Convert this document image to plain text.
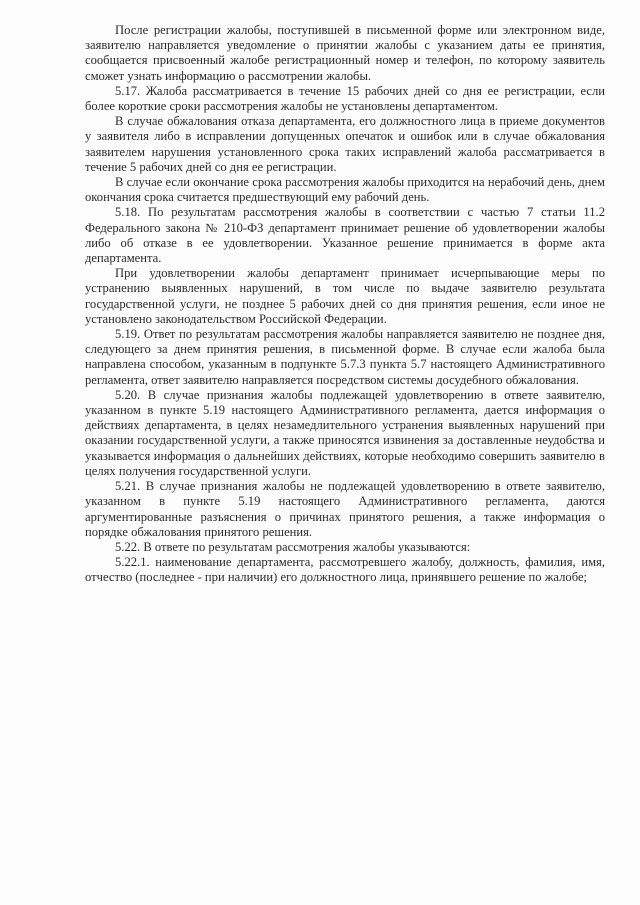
После регистрации жалобы, поступившей в письменной форме или электронном виде, заявителю направляется уведомление о принятии жалобы с указанием даты ее принятия, сообщается присвоенный жалобе регистрационный номер и телефон, по которому заявитель сможет узнать информацию о рассмотрении жалобы.

5.17. Жалоба рассматривается в течение 15 рабочих дней со дня ее регистрации, если более короткие сроки рассмотрения жалобы не установлены департаментом.

В случае обжалования отказа департамента, его должностного лица в приеме документов у заявителя либо в исправлении допущенных опечаток и ошибок или в случае обжалования заявителем нарушения установленного срока таких исправлений жалоба рассматривается в течение 5 рабочих дней со дня ее регистрации.

В случае если окончание срока рассмотрения жалобы приходится на нерабочий день, днем окончания срока считается предшествующий ему рабочий день.

5.18. По результатам рассмотрения жалобы в соответствии с частью 7 статьи 11.2 Федерального закона № 210-ФЗ департамент принимает решение об удовлетворении жалобы либо об отказе в ее удовлетворении. Указанное решение принимается в форме акта департамента.

При удовлетворении жалобы департамент принимает исчерпывающие меры по устранению выявленных нарушений, в том числе по выдаче заявителю результата государственной услуги, не позднее 5 рабочих дней со дня принятия решения, если иное не установлено законодательством Российской Федерации.

5.19. Ответ по результатам рассмотрения жалобы направляется заявителю не позднее дня, следующего за днем принятия решения, в письменной форме. В случае если жалоба была направлена способом, указанным в подпункте 5.7.3 пункта 5.7 настоящего Административного регламента, ответ заявителю направляется посредством системы досудебного обжалования.

5.20. В случае признания жалобы подлежащей удовлетворению в ответе заявителю, указанном в пункте 5.19 настоящего Административного регламента, дается информация о действиях департамента, в целях незамедлительного устранения выявленных нарушений при оказании государственной услуги, а также приносятся извинения за доставленные неудобства и указывается информация о дальнейших действиях, которые необходимо совершить заявителю в целях получения государственной услуги.

5.21. В случае признания жалобы не подлежащей удовлетворению в ответе заявителю, указанном в пункте 5.19 настоящего Административного регламента, даются аргументированные разъяснения о причинах принятого решения, а также информация о порядке обжалования принятого решения.

5.22. В ответе по результатам рассмотрения жалобы указываются:

5.22.1. наименование департамента, рассмотревшего жалобу, должность, фамилия, имя, отчество (последнее - при наличии) его должностного лица, принявшего решение по жалобе;
